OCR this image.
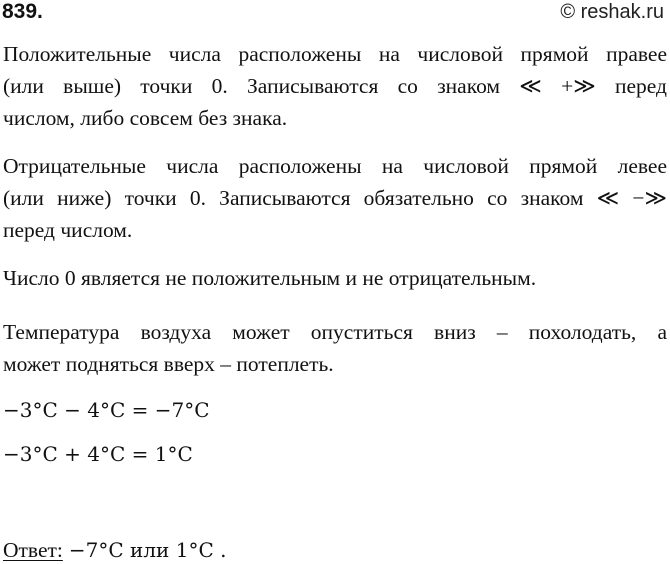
839.	© reshak.ru
Положительные числа расположены на числовой прямой правее
(или выше) точки 0. Записываются со знаком ≪ +≫ перед
числом, либо совсем без знака.
Отрицательные числа расположены на числовой прямой левее
(или ниже) точки 0. Записываются обязательно со знаком ≪ −≫
перед числом.
Число 0 является не положительным и не отрицательным.
Температура воздуха может опуститься вниз – похолодать, а
может подняться вверх – потеплеть.
−3°C − 4°C = −7°C
−3°C + 4°C = 1°C
Ответ: −7°C или 1°C .
